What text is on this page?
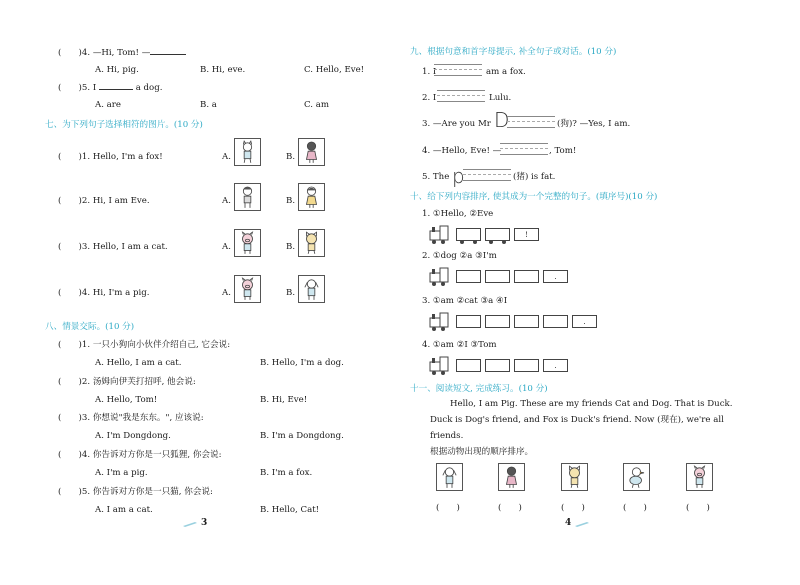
(　　)4. —Hi, Tom! —
A. Hi, pig.	B. Hi, eve.	C. Hello, Eve!
(　　)5. I	a dog.
A. are	B. a	C. am
七、为下列句子选择相符的图片。(10 分)
(　　)1. Hello, I'm a fox!	A.	B.
(　　)2. Hi, I am Eve.	A.	B.
(　　)3. Hello, I am a cat.	A.	B.
(　　)4. Hi, I'm a pig.	A.	B.
八、情景交际。(10 分)
(　　)1. 一只小狗向小伙伴介绍自己, 它会说:
A. Hello, I am a cat.	B. Hello, I'm a dog.
(　　)2. 汤姆向伊芙打招呼, 他会说:
A. Hello, Tom!	B. Hi, Eve!
(　　)3. 你想说"我是东东。", 应该说:
A. I'm Dongdong.	B. I'm a Dongdong.
(　　)4. 你告诉对方你是一只狐狸, 你会说:
A. I'm a pig.	B. I'm a fox.
(　　)5. 你告诉对方你是一只猫, 你会说:
A. I am a cat.	B. Hello, Cat!
3
九、根据句意和首字母提示, 补全句子或对话。(10 分)
1. I	am a fox.
2. I	Lulu.
3. —Are you Mr D	(狗)? —Yes, I am.
4. —Hello, Eve! —	, Tom!
5. The p	(猪) is fat.
十、给下列内容排序, 使其成为一个完整的句子。(填序号)(10 分)
1. ①Hello, ②Eve
!
2. ①dog ②a ③I'm
.
3. ①am ②cat ③a ④I
.
4. ①am ②I ③Tom
.
十一、阅读短文, 完成练习。(10 分)
Hello, I am Pig. These are my friends Cat and Dog. That is Duck.
Duck is Dog's friend, and Fox is Duck's friend. Now (现在), we're all
friends.
根据动物出现的顺序排序。
(　　)	(　　)	(　　)	(　　)	(　　)
4
